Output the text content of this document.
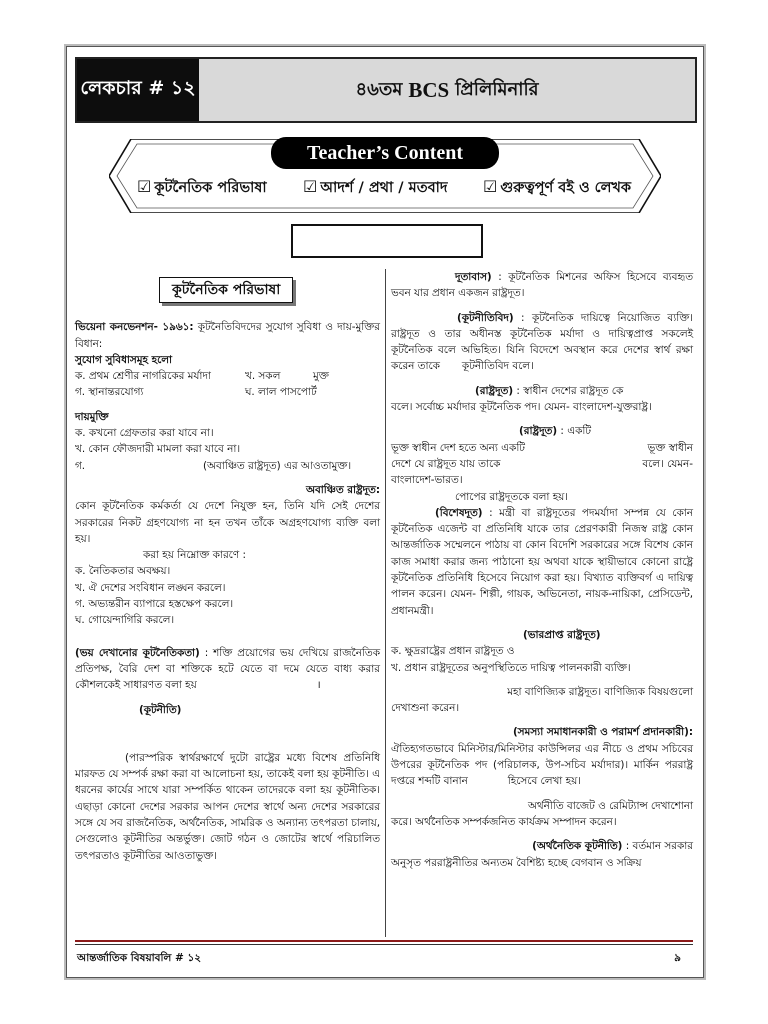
লেকচার # ১২	৪৬তম BCS প্রিলিমিনারি
Teacher’s Content
☑ কূটনৈতিক পরিভাষা ☑ আদর্শ / প্রথা / মতবাদ ☑ গুরুত্বপূর্ণ বই ও লেখক
কূটনৈতিক পরিভাষা

ভিয়েনা কনভেনশন- ১৯৬১: কূটনৈতিবিদদের সুযোগ সুবিধা ও দায়-মুক্তির বিধান:

সুযোগ সুবিধাসমূহ হলো

ক. প্রথম শ্রেণীর নাগরিকের মর্যাদা	খ. সকল	মুক্ত

গ. স্থানান্তরযোগ্য	ঘ. লাল পাসপোর্ট

দায়মুক্তি

ক. কখনো গ্রেফতার করা যাবে না।

খ. কোন ফৌজদারী মামলা করা যাবে না।

গ.	(অবাঞ্চিত রাষ্ট্রদূত) এর আওতামুক্ত।

অবাঞ্চিত রাষ্ট্রদূত:

কোন কূটনৈতিক কর্মকর্তা যে দেশে নিযুক্ত হন, তিনি যদি সেই দেশের সরকারের নিকট গ্রহণযোগ্য না হন তখন তাঁকে অগ্রহণযোগ্য ব্যক্তি বলা হয়।

করা হয় নিম্নোক্ত কারণে :

ক. নৈতিকতার অবক্ষয়।

খ. ঐ দেশের সংবিধান লঙ্ঘন করলে।

গ. অভ্যন্তরীন ব্যাপারে হস্তক্ষেপ করলে।

ঘ. গোয়েন্দাগিরি করলে।

(ভয় দেখানোর কূটনৈতিকতা) : শক্তি প্রয়োগের ভয় দেখিয়ে রাজনৈতিক প্রতিপক্ষ, বৈরি দেশ বা শক্তিকে হটে যেতে বা দমে যেতে বাধ্য করার কৌশলকেই সাধারণত বলা হয়	।

(কূটনীতি)

(পারস্পরিক স্বার্থরক্ষার্থে দুটো রাষ্ট্রের মধ্যে বিশেষ প্রতিনিধি মারফত যে সম্পর্ক রক্ষা করা বা আলোচনা হয়, তাকেই বলা হয় কূটনীতি। এ ধরনের কার্যের সাথে যারা সম্পর্কিত থাকেন তাদেরকে বলা হয় কূটনীতিক। এছাড়া কোনো দেশের সরকার আপন দেশের স্বার্থে অন্য দেশের সরকারের সঙ্গে যে সব রাজনৈতিক, অর্থনৈতিক, সামরিক ও অন্যান্য তৎপরতা চালায়, সেগুলোও কূটনীতির অন্তর্ভুক্ত। জোট গঠন ও জোটের স্বার্থে পরিচালিত তৎপরতাও কূটনীতির আওতাভুক্ত।

দূতাবাস) : কূটনৈতিক মিশনের অফিস হিসেবে ব্যবহৃত ভবন যার প্রধান একজন রাষ্ট্রদূত।

(কূটনীতিবিদ) : কূটনৈতিক দায়িত্বে নিয়োজিত ব্যক্তি। রাষ্ট্রদূত ও তার অধীনস্ত কূটনৈতিক মর্যাদা ও দায়িত্বপ্রাপ্ত সকলেই কূটনৈতিক বলে অভিহিত। যিনি বিদেশে অবস্থান করে দেশের স্বার্থ রক্ষা করেন তাকে কূটনীতিবিদ বলে।

(রাষ্ট্রদূত) : স্বাধীন দেশের রাষ্ট্রদূত কে

বলে। সর্বোচ্চ মর্যাদার কূটনৈতিক পদ। যেমন- বাংলাদেশ-যুক্তরাষ্ট্র।

(রাষ্ট্রদূত) : একটি

ভূক্ত স্বাধীন দেশ হতে অন্য একটি	ভূক্ত স্বাধীন

দেশে যে রাষ্ট্রদূত যায় তাকে	বলে। যেমন-

বাংলাদেশ-ভারত।

পোপের রাষ্ট্রদূতকে বলা হয়।

(বিশেষদূত) : মন্ত্রী বা রাষ্ট্রদূতের পদমর্যাদা সম্পন্ন যে কোন কূটনৈতিক এজেন্ট বা প্রতিনিধি যাকে তার প্রেরণকারী নিজস্ব রাষ্ট্র কোন আন্তর্জাতিক সম্মেলনে পাঠায় বা কোন বিদেশি সরকারের সঙ্গে বিশেষ কোন কাজ সমাধা করার জন্য পাঠানো হয় অথবা যাকে স্থায়ীভাবে কোনো রাষ্ট্রে কূটনৈতিক প্রতিনিধি হিসেবে নিয়োগ করা হয়। বিখ্যাত ব্যক্তিবর্গ এ দায়িত্ব পালন করেন। যেমন- শিল্পী, গায়ক, অভিনেতা, নায়ক-নায়িকা, প্রেসিডেন্ট, প্রধানমন্ত্রী।

(ভারপ্রাপ্ত রাষ্ট্রদূত)

ক. ক্ষুদ্ররাষ্ট্রের প্রধান রাষ্ট্রদূত ও

খ. প্রধান রাষ্ট্রদূতের অনুপস্থিতিতে দায়িত্ব পালনকারী ব্যক্তি।

মহা বাণিজ্যিক রাষ্ট্রদূত। বাণিজ্যিক বিষয়গুলো

দেখাশুনা করেন।

(সমস্যা সমাধানকারী ও পরামর্শ প্রদানকারী):

ঐতিহ্যগতভাবে মিনিস্টার/মিনিস্টার কাউন্সিলর এর নীচে ও প্রথম সচিবের উপরের কূটনৈতিক পদ (পরিচালক, উপ-সচিব মর্যাদার)। মার্কিন পররাষ্ট্র দপ্তরে শব্দটি বানান	হিসেবে লেখা হয়।

অর্থনীতি বাজেট ও রেমিট্যান্স দেখাশোনা

করে। অর্থনৈতিক সম্পর্কজনিত কার্যক্রম সম্পাদন করেন।

(অর্থনৈতিক কূটনীতি) : বর্তমান সরকার

অনুসৃত পররাষ্ট্রনীতির অন্যতম বৈশিষ্ট্য হচ্ছে বেগবান ও সক্রিয়

আন্তর্জাতিক বিষয়াবলি # ১২	৯
